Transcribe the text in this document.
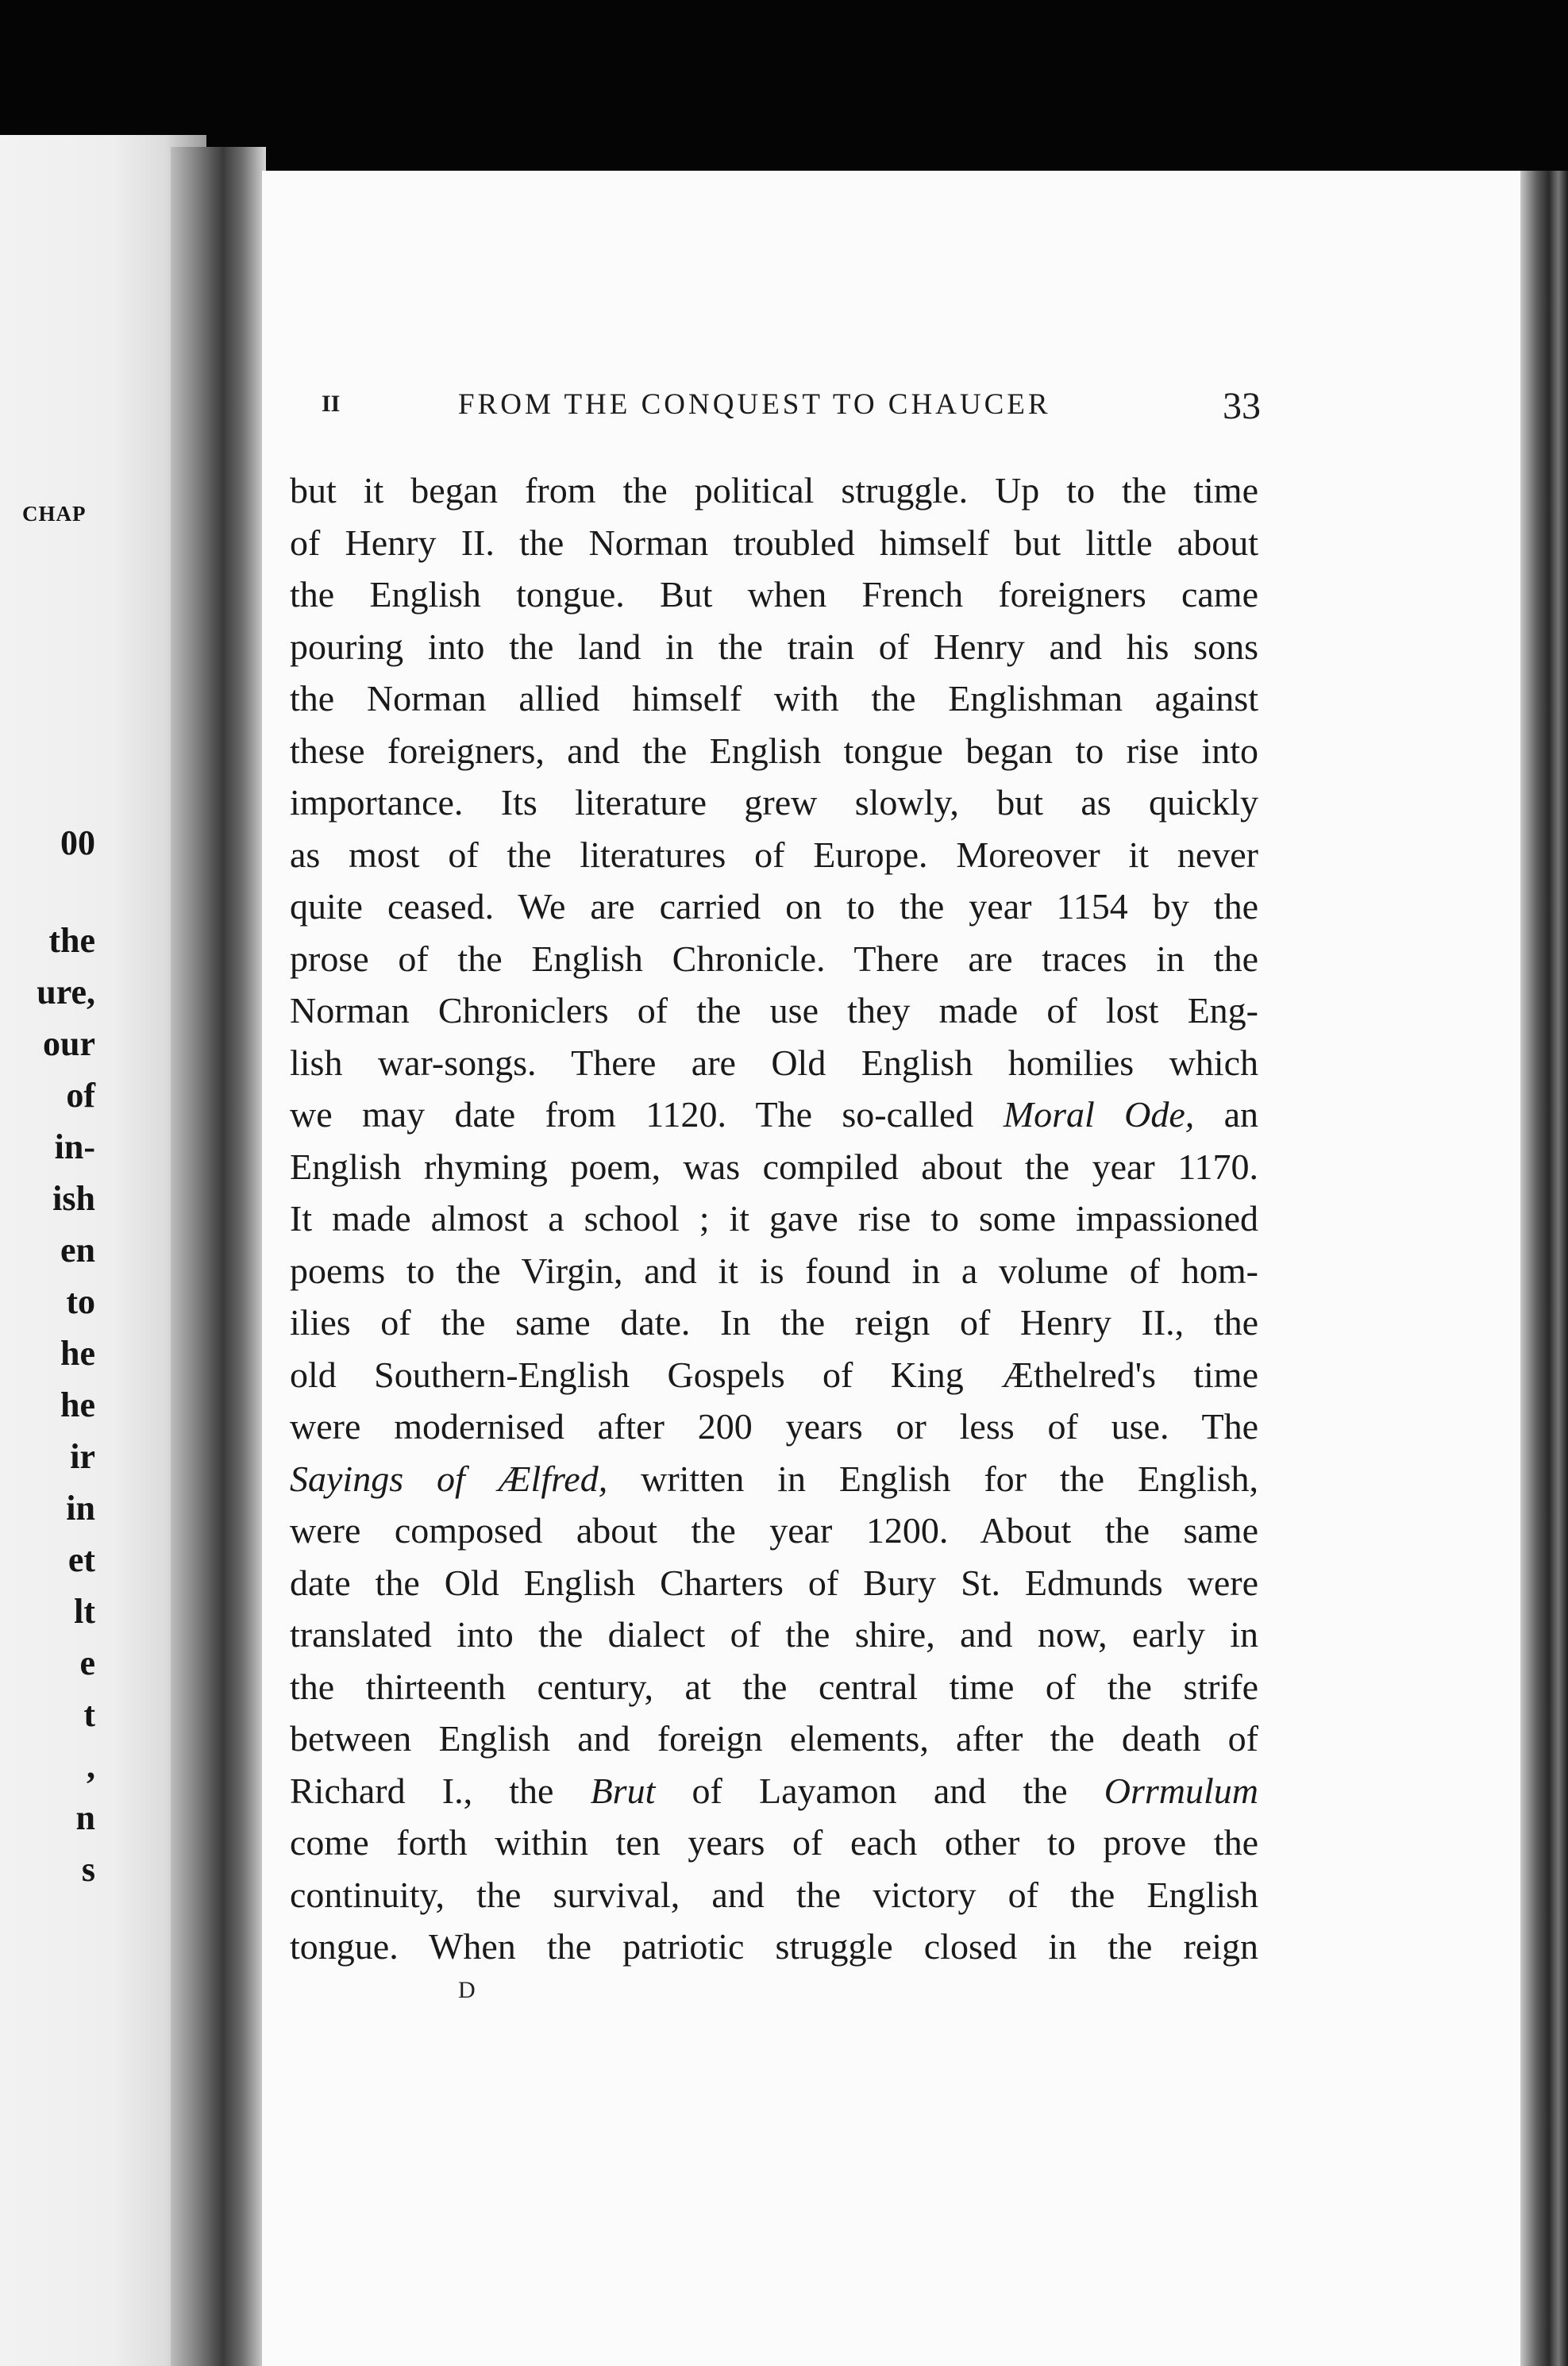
CHAP
00
the
ure,
our
of
in-
ish
en
to
he
he
ir
in
et
lt
e
t
,
n
s
II	FROM THE CONQUEST TO CHAUCER	33
but it began from the political struggle. Up to the time
of Henry II. the Norman troubled himself but little about
the English tongue. But when French foreigners came
pouring into the land in the train of Henry and his sons
the Norman allied himself with the Englishman against
these foreigners, and the English tongue began to rise into
importance. Its literature grew slowly, but as quickly
as most of the literatures of Europe. Moreover it never
quite ceased. We are carried on to the year 1154 by the
prose of the English Chronicle. There are traces in the
Norman Chroniclers of the use they made of lost Eng-
lish war-songs. There are Old English homilies which
we may date from 1120. The so-called Moral Ode, an
English rhyming poem, was compiled about the year 1170.
It made almost a school ; it gave rise to some impassioned
poems to the Virgin, and it is found in a volume of hom-
ilies of the same date. In the reign of Henry II., the
old Southern-English Gospels of King Æthelred's time
were modernised after 200 years or less of use. The
Sayings of Ælfred, written in English for the English,
were composed about the year 1200. About the same
date the Old English Charters of Bury St. Edmunds were
translated into the dialect of the shire, and now, early in
the thirteenth century, at the central time of the strife
between English and foreign elements, after the death of
Richard I., the Brut of Layamon and the Orrmulum
come forth within ten years of each other to prove the
continuity, the survival, and the victory of the English
tongue. When the patriotic struggle closed in the reign
D
